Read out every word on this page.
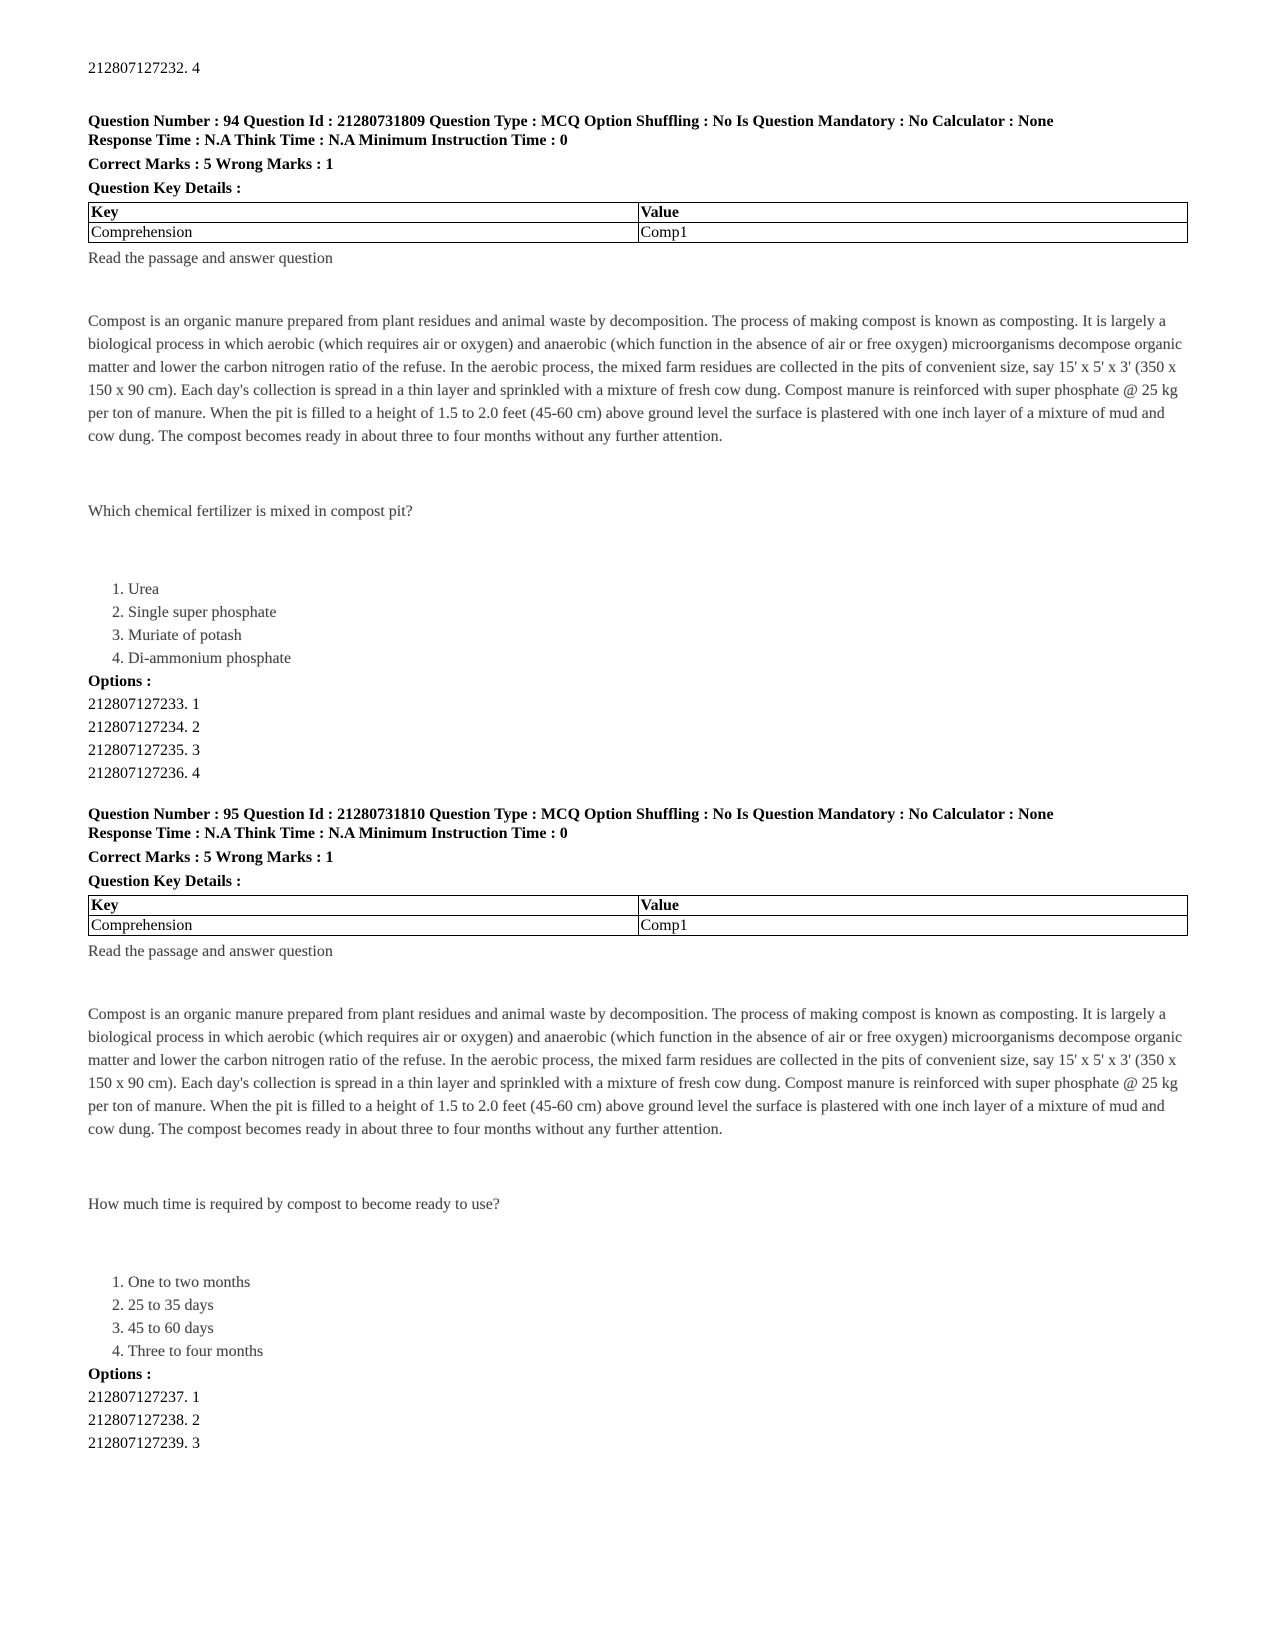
212807127232. 4
Question Number : 94 Question Id : 21280731809 Question Type : MCQ Option Shuffling : No Is Question Mandatory : No Calculator : None
Response Time : N.A Think Time : N.A Minimum Instruction Time : 0
Correct Marks : 5 Wrong Marks : 1
Question Key Details :
Key	Value
Comprehension	Comp1
Read the passage and answer question
Compost is an organic manure prepared from plant residues and animal waste by decomposition. The process of making compost is known as composting. It is largely a biological process in which aerobic (which requires air or oxygen) and anaerobic (which function in the absence of air or free oxygen) microorganisms decompose organic matter and lower the carbon nitrogen ratio of the refuse. In the aerobic process, the mixed farm residues are collected in the pits of convenient size, say 15' x 5' x 3' (350 x 150 x 90 cm). Each day's collection is spread in a thin layer and sprinkled with a mixture of fresh cow dung. Compost manure is reinforced with super phosphate @ 25 kg per ton of manure. When the pit is filled to a height of 1.5 to 2.0 feet (45-60 cm) above ground level the surface is plastered with one inch layer of a mixture of mud and cow dung. The compost becomes ready in about three to four months without any further attention.
Which chemical fertilizer is mixed in compost pit?
1. Urea
2. Single super phosphate
3. Muriate of potash
4. Di-ammonium phosphate
Options :
212807127233. 1
212807127234. 2
212807127235. 3
212807127236. 4
Question Number : 95 Question Id : 21280731810 Question Type : MCQ Option Shuffling : No Is Question Mandatory : No Calculator : None
Response Time : N.A Think Time : N.A Minimum Instruction Time : 0
Correct Marks : 5 Wrong Marks : 1
Question Key Details :
Key	Value
Comprehension	Comp1
Read the passage and answer question
Compost is an organic manure prepared from plant residues and animal waste by decomposition. The process of making compost is known as composting. It is largely a biological process in which aerobic (which requires air or oxygen) and anaerobic (which function in the absence of air or free oxygen) microorganisms decompose organic matter and lower the carbon nitrogen ratio of the refuse. In the aerobic process, the mixed farm residues are collected in the pits of convenient size, say 15' x 5' x 3' (350 x 150 x 90 cm). Each day's collection is spread in a thin layer and sprinkled with a mixture of fresh cow dung. Compost manure is reinforced with super phosphate @ 25 kg per ton of manure. When the pit is filled to a height of 1.5 to 2.0 feet (45-60 cm) above ground level the surface is plastered with one inch layer of a mixture of mud and cow dung. The compost becomes ready in about three to four months without any further attention.
How much time is required by compost to become ready to use?
1. One to two months
2. 25 to 35 days
3. 45 to 60 days
4. Three to four months
Options :
212807127237. 1
212807127238. 2
212807127239. 3
